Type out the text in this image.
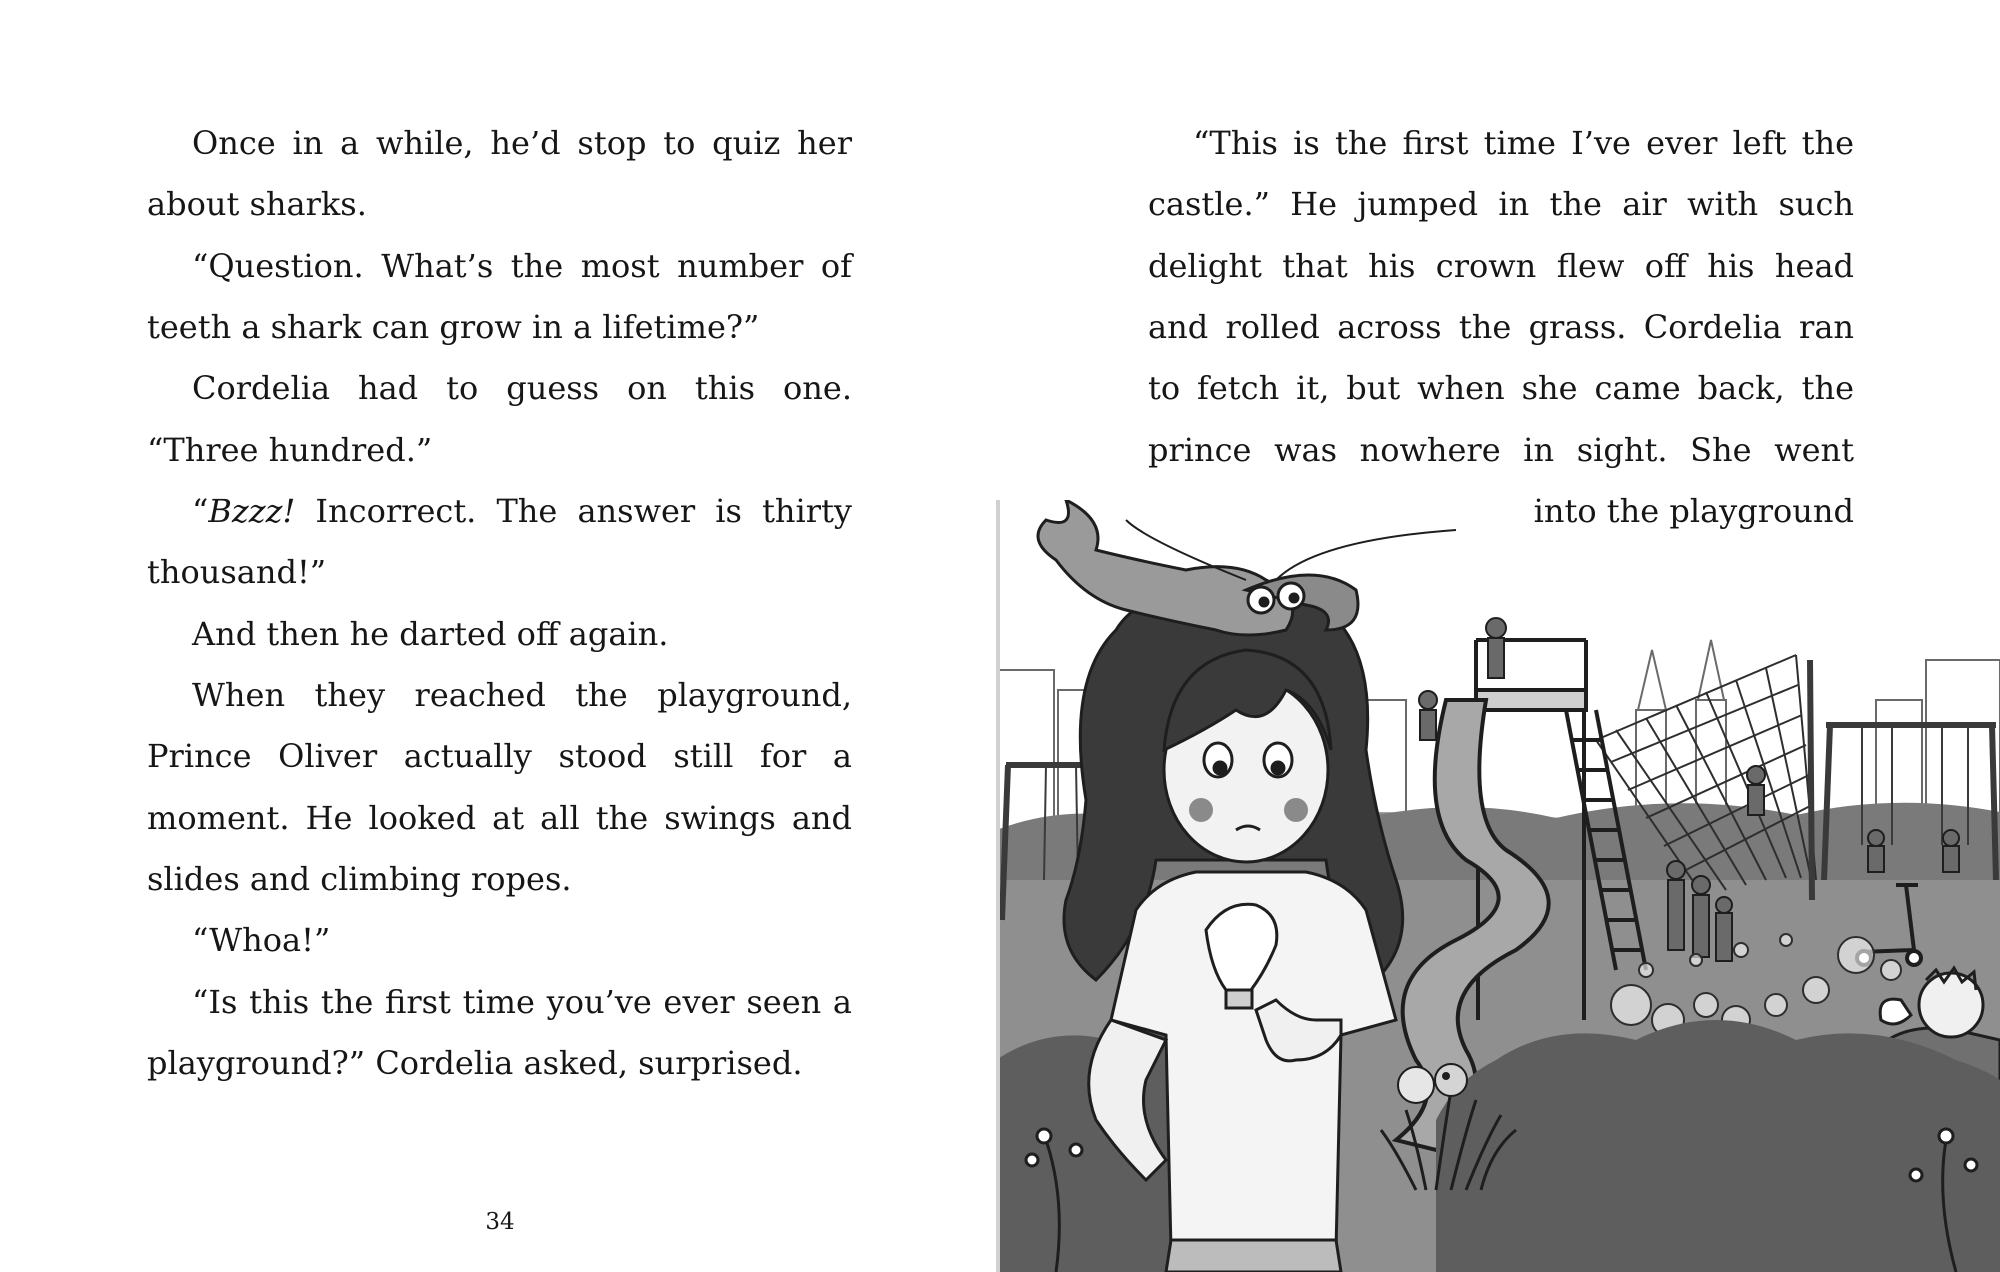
Once in a while, he’d stop to quiz her

about sharks.

“Question. What’s the most number of

teeth a shark can grow in a lifetime?”

Cordelia had to guess on this one.

“Three hundred.”

“Bzzz! Incorrect. The answer is thirty

thousand!”

And then he darted off again.

When they reached the playground,

Prince Oliver actually stood still for a

moment. He looked at all the swings and

slides and climbing ropes.

“Whoa!”

“Is this the first time you’ve ever seen a

playground?” Cordelia asked, surprised.

34

“This is the first time I’ve ever left the

castle.” He jumped in the air with such

delight that his crown flew off his head

and rolled across the grass. Cordelia ran

to fetch it, but when she came back, the

prince was nowhere in sight. She went

into the playground
